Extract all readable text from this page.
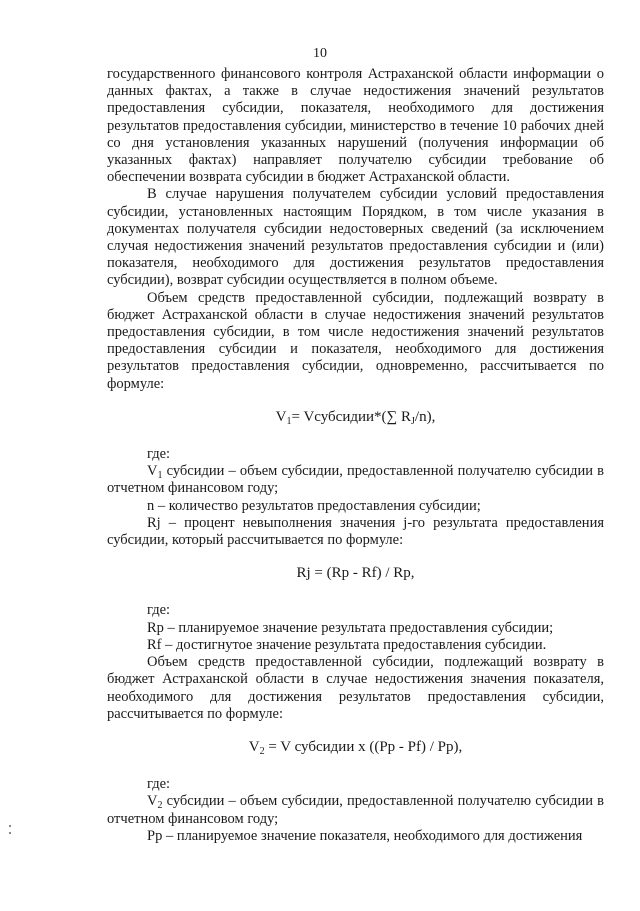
10

государственного финансового контроля Астраханской области информации о данных фактах, а также в случае недостижения значений результатов предоставления субсидии, показателя, необходимого для достижения результатов предоставления субсидии, министерство в течение 10 рабочих дней со дня установления указанных нарушений (получения информации об указанных фактах) направляет получателю субсидии требование об обеспечении возврата субсидии в бюджет Астраханской области.

В случае нарушения получателем субсидии условий предоставления субсидии, установленных настоящим Порядком, в том числе указания в документах получателя субсидии недостоверных сведений (за исключением случая недостижения значений результатов предоставления субсидии и (или) показателя, необходимого для достижения результатов предоставления субсидии), возврат субсидии осуществляется в полном объеме.

Объем средств предоставленной субсидии, подлежащий возврату в бюджет Астраханской области в случае недостижения значений результатов предоставления субсидии, в том числе недостижения значений результатов предоставления субсидии и показателя, необходимого для достижения результатов предоставления субсидии, одновременно, рассчитывается по формуле:

$V_1=$ Vсубсидии*(∑ $R_J/n$),

где:

$V_1$ субсидии – объем субсидии, предоставленной получателю субсидии в отчетном финансовом году;

n – количество результатов предоставления субсидии;

Rj – процент невыполнения значения j-го результата предоставления субсидии, который рассчитывается по формуле:

Rj = (Rp - Rf) / Rp,

где:

Rp – планируемое значение результата предоставления субсидии;

Rf – достигнутое значение результата предоставления субсидии.

Объем средств предоставленной субсидии, подлежащий возврату в бюджет Астраханской области в случае недостижения значения показателя, необходимого для достижения результатов предоставления субсидии, рассчитывается по формуле:

$V_2 = V$ субсидии х ((Pp - Pf) / Pp),

где:

$V_2$ субсидии – объем субсидии, предоставленной получателю субсидии в отчетном финансовом году;

Pp – планируемое значение показателя, необходимого для достижения
